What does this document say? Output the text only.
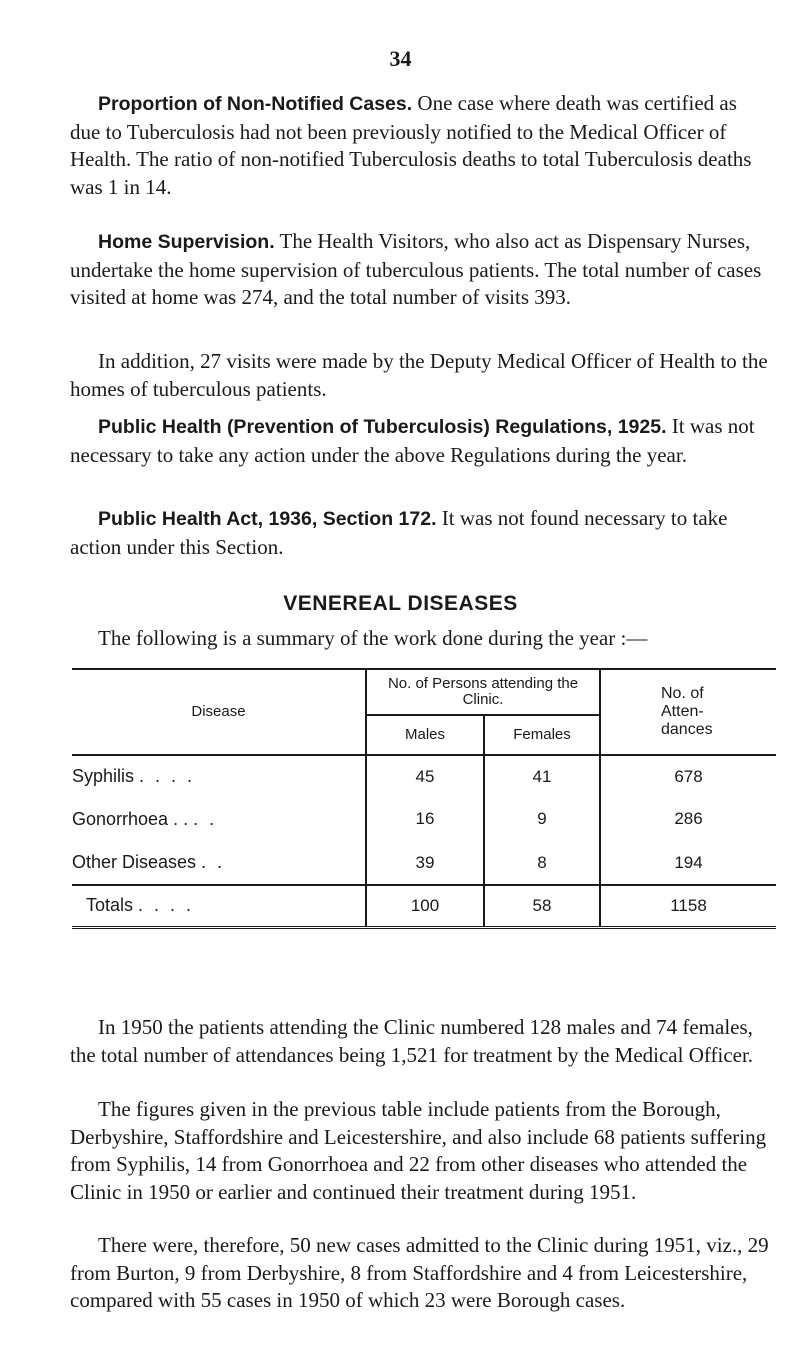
34

Proportion of Non-Notified Cases. One case where death was certified as due to Tuberculosis had not been previously notified to the Medical Officer of Health. The ratio of non-notified Tuberculosis deaths to total Tuberculosis deaths was 1 in 14.

Home Supervision. The Health Visitors, who also act as Dispensary Nurses, undertake the home supervision of tuberculous patients. The total number of cases visited at home was 274, and the total number of visits 393.

In addition, 27 visits were made by the Deputy Medical Officer of Health to the homes of tuberculous patients.

Public Health (Prevention of Tuberculosis) Regulations, 1925. It was not necessary to take any action under the above Regulations during the year.

Public Health Act, 1936, Section 172. It was not found necessary to take action under this Section.

VENEREAL DISEASES

The following is a summary of the work done during the year :—

Disease	No. of Persons attending the Clinic.		No. of Atten- dances
	Males	Females	
Syphilis . . . .	45	41	678
Gonorrhoea . . . .	16	9	286
Other Diseases . .	39	8	194
Totals . . . .	100	58	1158

In 1950 the patients attending the Clinic numbered 128 males and 74 females, the total number of attendances being 1,521 for treatment by the Medical Officer.

The figures given in the previous table include patients from the Borough, Derbyshire, Staffordshire and Leicestershire, and also include 68 patients suffering from Syphilis, 14 from Gonorrhoea and 22 from other diseases who attended the Clinic in 1950 or earlier and continued their treatment during 1951.

There were, therefore, 50 new cases admitted to the Clinic during 1951, viz., 29 from Burton, 9 from Derbyshire, 8 from Staffordshire and 4 from Leicestershire, compared with 55 cases in 1950 of which 23 were Borough cases.
